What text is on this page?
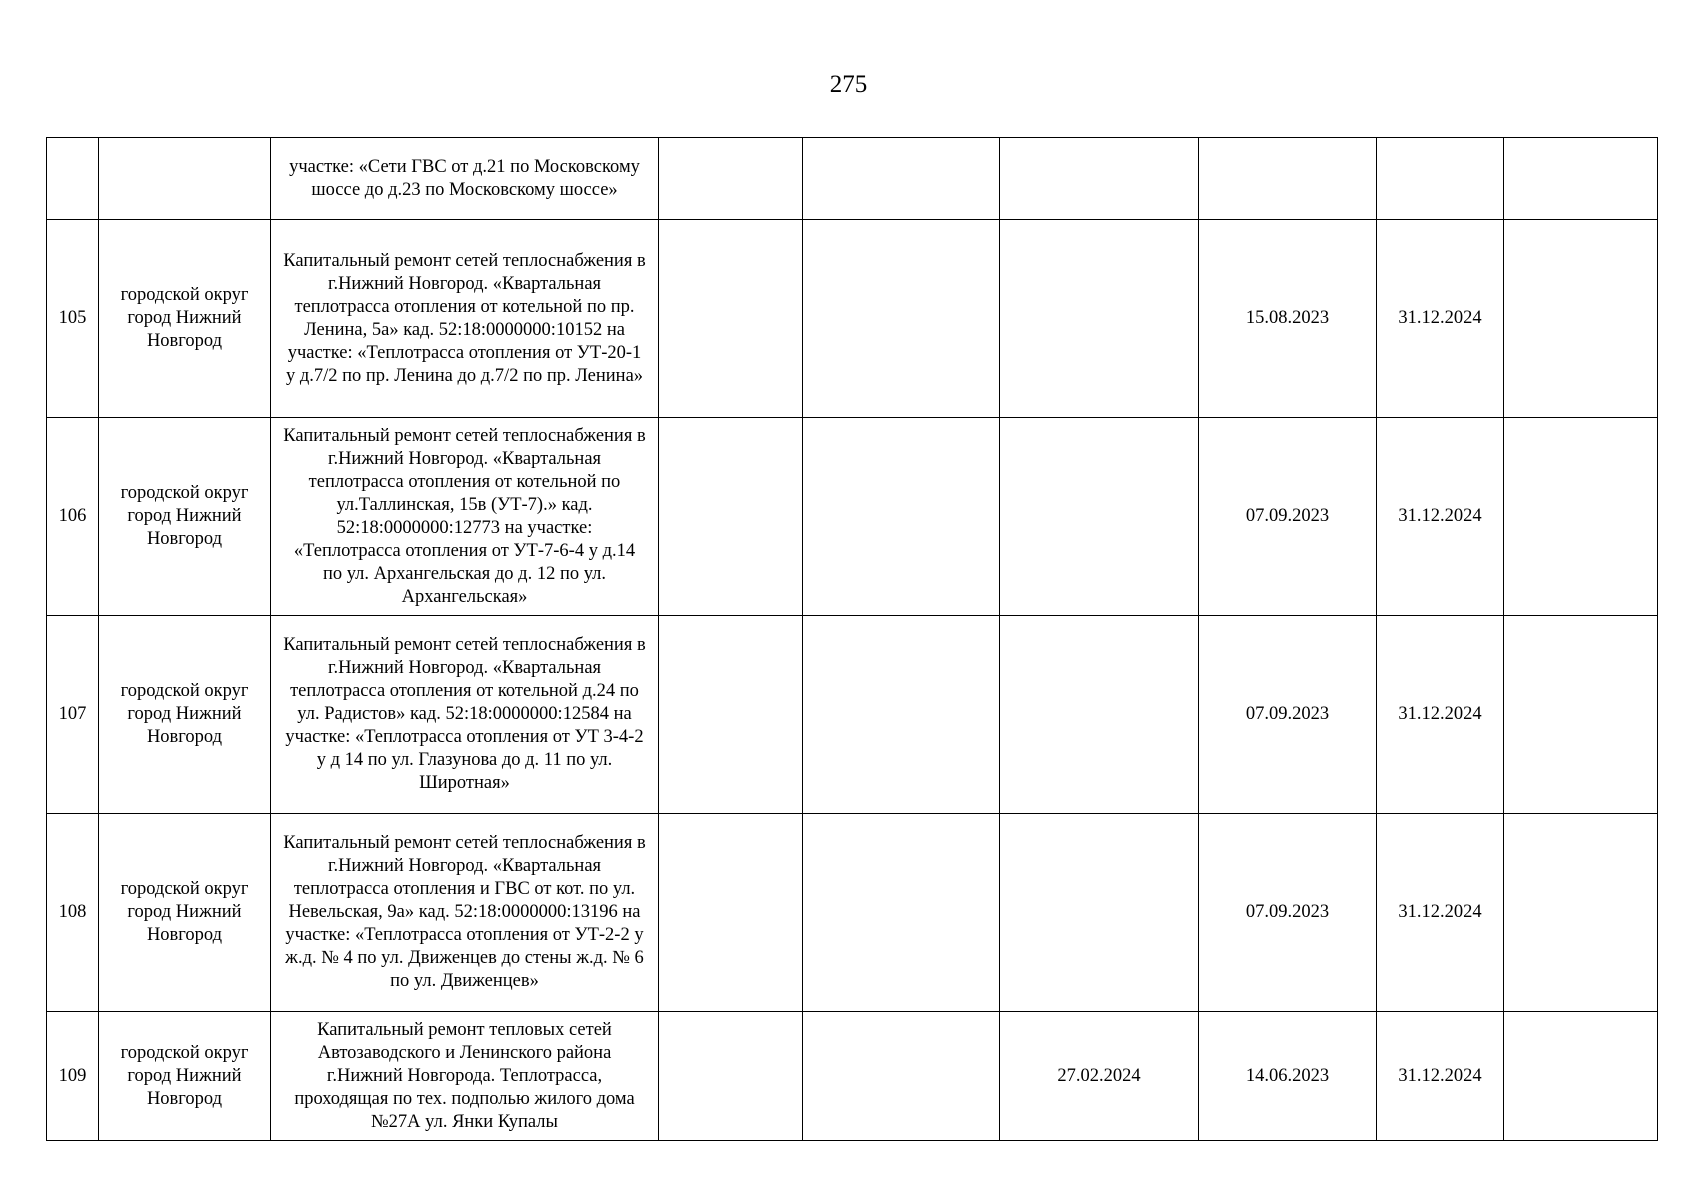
275
		участке: «Сети ГВС от д.21 по Московскому шоссе до д.23 по Московскому шоссе»						
105	городской округ город Нижний Новгород	Капитальный ремонт сетей теплоснабжения в г.Нижний Новгород. «Квартальная теплотрасса отопления от котельной по пр. Ленина, 5а» кад. 52:18:0000000:10152 на участке: «Теплотрасса отопления от УТ-20-1 у д.7/2 по пр. Ленина до д.7/2 по пр. Ленина»				15.08.2023	31.12.2024	
106	городской округ город Нижний Новгород	Капитальный ремонт сетей теплоснабжения в г.Нижний Новгород. «Квартальная теплотрасса отопления от котельной по ул.Таллинская, 15в (УТ-7).» кад. 52:18:0000000:12773 на участке: «Теплотрасса отопления от УТ-7-6-4 у д.14 по ул. Архангельская до д. 12 по ул. Архангельская»				07.09.2023	31.12.2024	
107	городской округ город Нижний Новгород	Капитальный ремонт сетей теплоснабжения в г.Нижний Новгород. «Квартальная теплотрасса отопления от котельной д.24 по ул. Радистов» кад. 52:18:0000000:12584 на участке: «Теплотрасса отопления от УТ 3-4-2 у д 14 по ул. Глазунова до д. 11 по ул. Широтная»				07.09.2023	31.12.2024	
108	городской округ город Нижний Новгород	Капитальный ремонт сетей теплоснабжения в г.Нижний Новгород. «Квартальная теплотрасса отопления и ГВС от кот. по ул. Невельская, 9а» кад. 52:18:0000000:13196 на участке: «Теплотрасса отопления от УТ-2-2 у ж.д. № 4 по ул. Движенцев до стены ж.д. № 6 по ул. Движенцев»				07.09.2023	31.12.2024	
109	городской округ город Нижний Новгород	Капитальный ремонт тепловых сетей Автозаводского и Ленинского района г.Нижний Новгорода. Теплотрасса, проходящая по тех. подполью жилого дома №27А ул. Янки Купалы			27.02.2024	14.06.2023	31.12.2024	
